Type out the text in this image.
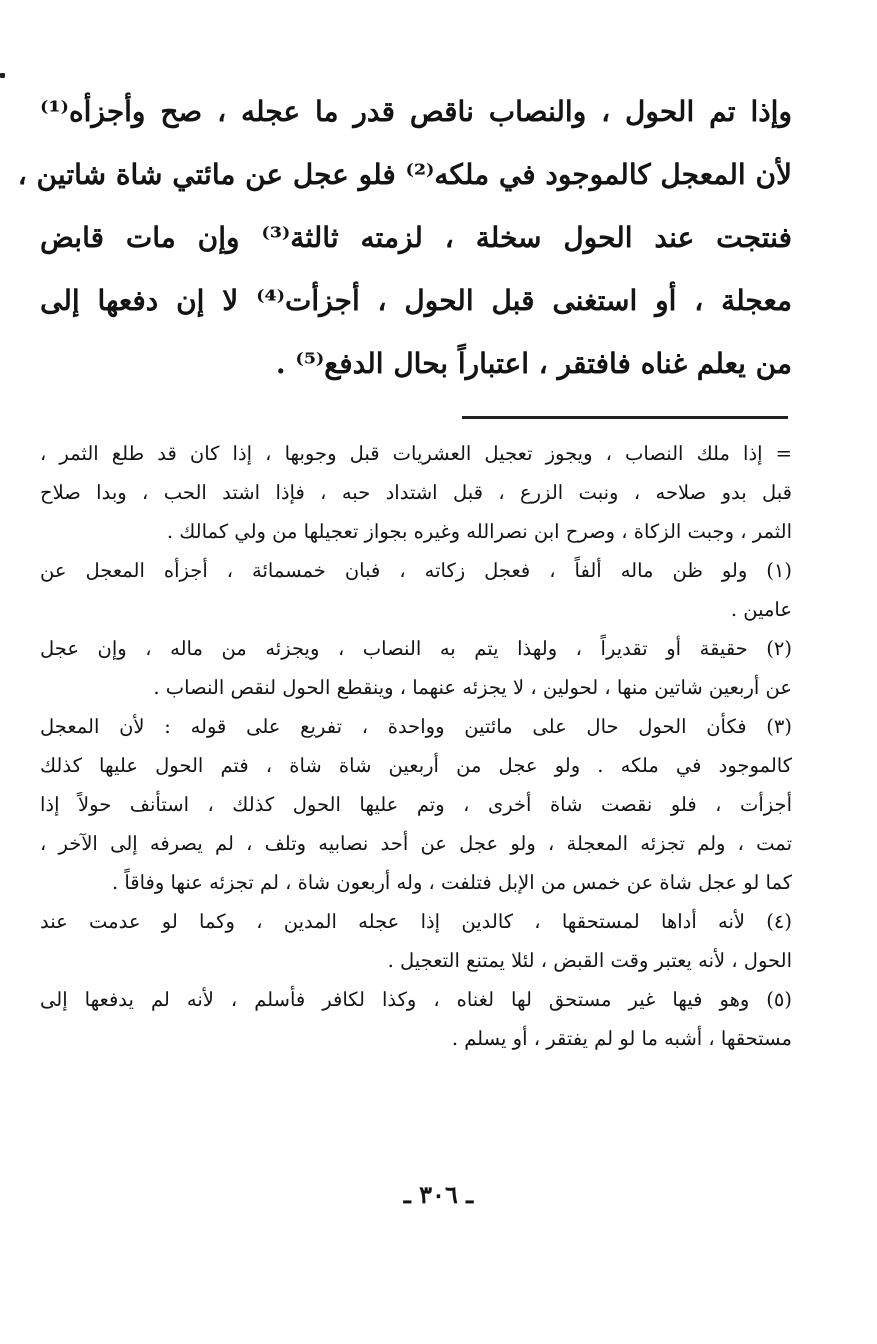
وإذا تم الحول ، والنصاب ناقص قدر ما عجله ، صح وأجزأه⁽¹⁾
لأن المعجل كالموجود في ملكه⁽²⁾ فلو عجل عن مائتي شاة شاتين ،
فنتجت عند الحول سخلة ، لزمته ثالثة⁽³⁾ وإن مات قابض
معجلة ، أو استغنى قبل الحول ، أجزأت⁽⁴⁾ لا إن دفعها إلى
من يعلم غناه فافتقر ، اعتباراً بحال الدفع⁽⁵⁾ .
= إذا ملك النصاب ، ويجوز تعجيل العشريات قبل وجوبها ، إذا كان قد طلع الثمر ،
قبل بدو صلاحه ، ونبت الزرع ، قبل اشتداد حبه ، فإذا اشتد الحب ، وبدا صلاح
الثمر ، وجبت الزكاة ، وصرح ابن نصرالله وغيره بجواز تعجيلها من ولي كمالك .
(١) ولو ظن ماله ألفاً ، فعجل زكاته ، فبان خمسمائة ، أجزأه المعجل عن
عامين .
(٢) حقيقة أو تقديراً ، ولهذا يتم به النصاب ، ويجزئه من ماله ، وإن عجل
عن أربعين شاتين منها ، لحولين ، لا يجزئه عنهما ، وينقطع الحول لنقص النصاب .
(٣) فكأن الحول حال على مائتين وواحدة ، تفريع على قوله : لأن المعجل
كالموجود في ملكه . ولو عجل من أربعين شاة شاة ، فتم الحول عليها كذلك
أجزأت ، فلو نقصت شاة أخرى ، وتم عليها الحول كذلك ، استأنف حولاً إذا
تمت ، ولم تجزئه المعجلة ، ولو عجل عن أحد نصابيه وتلف ، لم يصرفه إلى الآخر ،
كما لو عجل شاة عن خمس من الإبل فتلفت ، وله أربعون شاة ، لم تجزئه عنها وفاقاً .
(٤) لأنه أداها لمستحقها ، كالدين إذا عجله المدين ، وكما لو عدمت عند
الحول ، لأنه يعتبر وقت القبض ، لئلا يمتنع التعجيل .
(٥) وهو فيها غير مستحق لها لغناه ، وكذا لكافر فأسلم ، لأنه لم يدفعها إلى
مستحقها ، أشبه ما لو لم يفتقر ، أو يسلم .
ـ ٣٠٦ ـ
